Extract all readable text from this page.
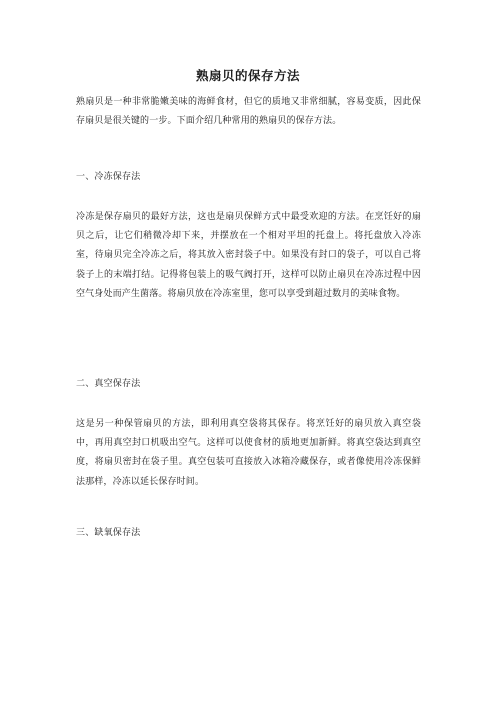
熟扇贝的保存方法

熟扇贝是一种非常脆嫩美味的海鲜食材，但它的质地又非常细腻，容易变质，因此保存扇贝是很关键的一步。下面介绍几种常用的熟扇贝的保存方法。

一、冷冻保存法

冷冻是保存扇贝的最好方法，这也是扇贝保鲜方式中最受欢迎的方法。在烹饪好的扇贝之后，让它们稍微冷却下来，并摆放在一个相对平坦的托盘上。将托盘放入冷冻室，待扇贝完全冷冻之后，将其放入密封袋子中。如果没有封口的袋子，可以自己将袋子上的末端打结。记得将包装上的吸气阀打开，这样可以防止扇贝在冷冻过程中因空气身处而产生菌落。将扇贝放在冷冻室里，您可以享受到超过数月的美味食物。

二、真空保存法

这是另一种保管扇贝的方法，即利用真空袋将其保存。将烹饪好的扇贝放入真空袋中，再用真空封口机吸出空气。这样可以使食材的质地更加新鲜。将真空袋达到真空度，将扇贝密封在袋子里。真空包装可直接放入冰箱冷藏保存，或者像使用冷冻保鲜法那样，冷冻以延长保存时间。

三、缺氧保存法
